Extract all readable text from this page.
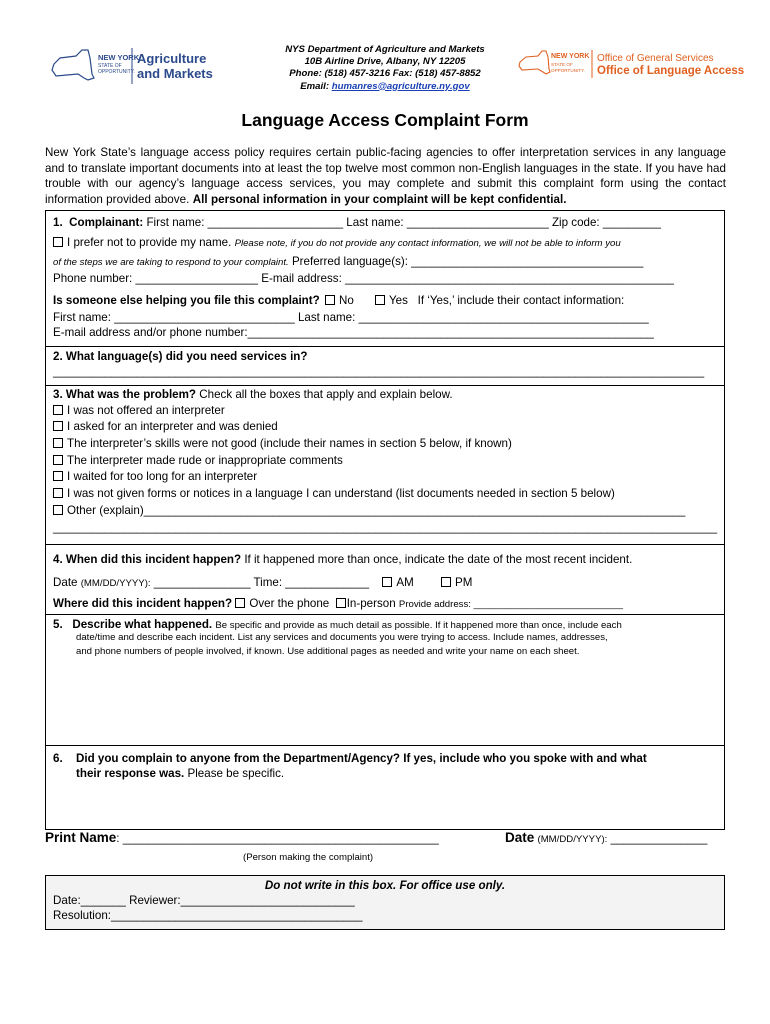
NEW YORK
STATE OF OPPORTUNITY.
Agriculture
and Markets
NYS Department of Agriculture and Markets
10B Airline Drive, Albany, NY 12205
Phone: (518) 457-3216 Fax: (518) 457-8852
Email: humanres@agriculture.ny.gov
NEW YORK
STATE OF OPPORTUNITY.
Office of General Services
Office of Language Access
Language Access Complaint Form
New York State’s language access policy requires certain public-facing agencies to offer interpretation services in any language and to translate important documents into at least the top twelve most common non-English languages in the state. If you have had trouble with our agency’s language access services, you may complete and submit this complaint form using the contact information provided above. All personal information in your complaint will be kept confidential.
1. Complainant: First name: _____________________ Last name: ______________________ Zip code: _________
I prefer not to provide my name. Please note, if you do not provide any contact information, we will not be able to inform you
of the steps we are taking to respond to your complaint. Preferred language(s): ____________________________________
Phone number: ___________________ E-mail address: ___________________________________________________
Is someone else helping you file this complaint? No	Yes If ‘Yes,’ include their contact information:
First name: ____________________________ Last name: _____________________________________________
E-mail address and/or phone number:_______________________________________________________________
2. What language(s) did you need services in?
_____________________________________________________________________________________________________
3. What was the problem? Check all the boxes that apply and explain below.
I was not offered an interpreter
I asked for an interpreter and was denied
The interpreter’s skills were not good (include their names in section 5 below, if known)
The interpreter made rude or inappropriate comments
I waited for too long for an interpreter
I was not given forms or notices in a language I can understand (list documents needed in section 5 below)
Other (explain)____________________________________________________________________________________
_______________________________________________________________________________________________________
4. When did this incident happen? If it happened more than once, indicate the date of the most recent incident.
Date (MM/DD/YYYY): _______________ Time: _____________ AM	PM
Where did this incident happen? Over the phone In-person Provide address: ____________________________
5. Describe what happened. Be specific and provide as much detail as possible. If it happened more than once, include each
date/time and describe each incident. List any services and documents you were trying to access. Include names, addresses,
and phone numbers of people involved, if known. Use additional pages as needed and write your name on each sheet.
6. Did you complain to anyone from the Department/Agency? If yes, include who you spoke with and what
their response was. Please be specific.
Print Name: _________________________________________________	Date (MM/DD/YYYY): _______________
(Person making the complaint)
Do not write in this box. For office use only.
Date:_______ Reviewer:___________________________
Resolution:_______________________________________
